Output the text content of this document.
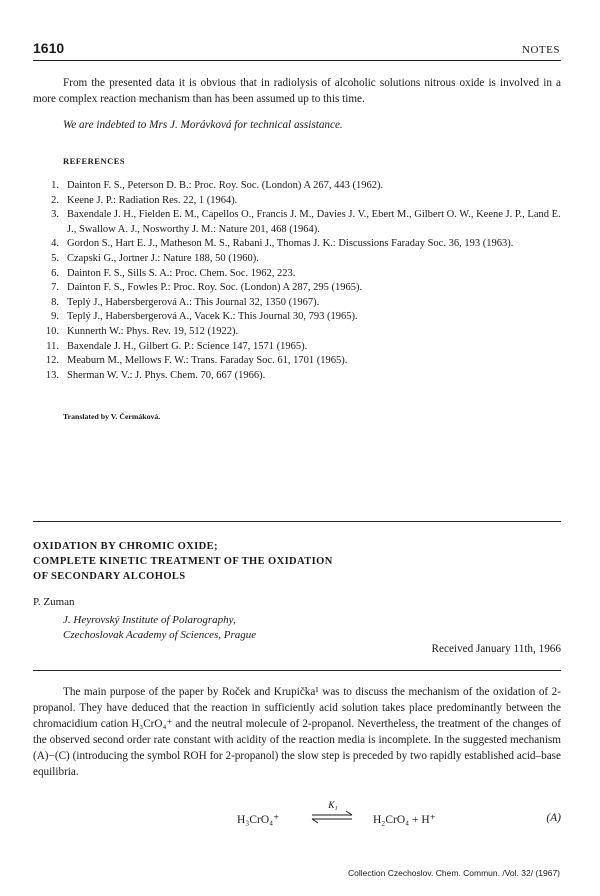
1610	NOTES
From the presented data it is obvious that in radiolysis of alcoholic solutions nitrous oxide is involved in a more complex reaction mechanism than has been assumed up to this time.
We are indebted to Mrs J. Morávková for technical assistance.
REFERENCES
1. Dainton F. S., Peterson D. B.: Proc. Roy. Soc. (London) A 267, 443 (1962).
2. Keene J. P.: Radiation Res. 22, 1 (1964).
3. Baxendale J. H., Fielden E. M., Capellos O., Francis J. M., Davies J. V., Ebert M., Gilbert O. W., Keene J. P., Land E. J., Swallow A. J., Nosworthy J. M.: Nature 201, 468 (1964).
4. Gordon S., Hart E. J., Matheson M. S., Rabani J., Thomas J. K.: Discussions Faraday Soc. 36, 193 (1963).
5. Czapski G., Jortner J.: Nature 188, 50 (1960).
6. Dainton F. S., Sills S. A.: Proc. Chem. Soc. 1962, 223.
7. Dainton F. S., Fowles P.: Proc. Roy. Soc. (London) A 287, 295 (1965).
8. Teplý J., Habersbergerová A.: This Journal 32, 1350 (1967).
9. Teplý J., Habersbergerová A., Vacek K.: This Journal 30, 793 (1965).
10. Kunnerth W.: Phys. Rev. 19, 512 (1922).
11. Baxendale J. H., Gilbert G. P.: Science 147, 1571 (1965).
12. Meaburn M., Mellows F. W.: Trans. Faraday Soc. 61, 1701 (1965).
13. Sherman W. V.: J. Phys. Chem. 70, 667 (1966).
Translated by V. Čermáková.
OXIDATION BY CHROMIC OXIDE;
COMPLETE KINETIC TREATMENT OF THE OXIDATION
OF SECONDARY ALCOHOLS
P. Zuman
J. Heyrovský Institute of Polarography,
Czechoslovak Academy of Sciences, Prague
Received January 11th, 1966
The main purpose of the paper by Roček and Krupička¹ was to discuss the mechanism of the oxidation of 2-propanol. They have deduced that the reaction in sufficiently acid solution takes place predominantly between the chromacidium cation H₃CrO₄⁺ and the neutral molecule of 2-propanol. Nevertheless, the treatment of the changes of the observed second order rate constant with acidity of the reaction media is incomplete. In the suggested mechanism (A)−(C) (introducing the symbol ROH for 2-propanol) the slow step is preceded by two rapidly established acid–base equilibria.
H₃CrO₄⁺
K₁
H₂CrO₄ + H⁺	(A)
Collection Czechoslov. Chem. Commun. /Vol. 32/ (1967)
